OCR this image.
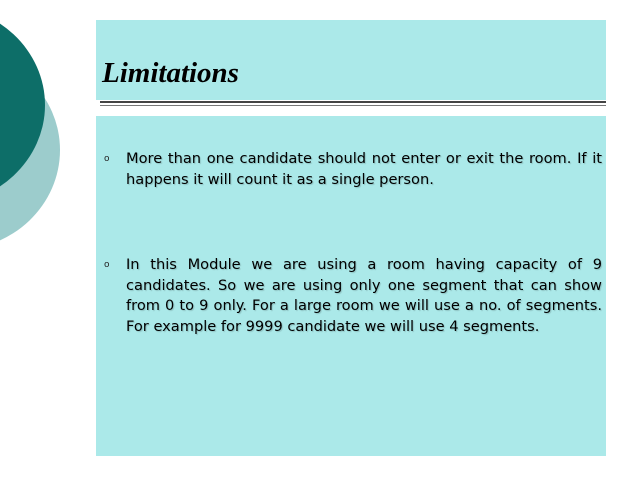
Limitations
o	More than one candidate should not enter or exit the room. If it happens it will count it as a single person.
o	In this Module we are using a room having capacity of 9 candidates. So we are using only one segment that can show from 0 to 9 only. For a large room we will use a no. of segments. For example for 9999 candidate we will use 4 segments.
